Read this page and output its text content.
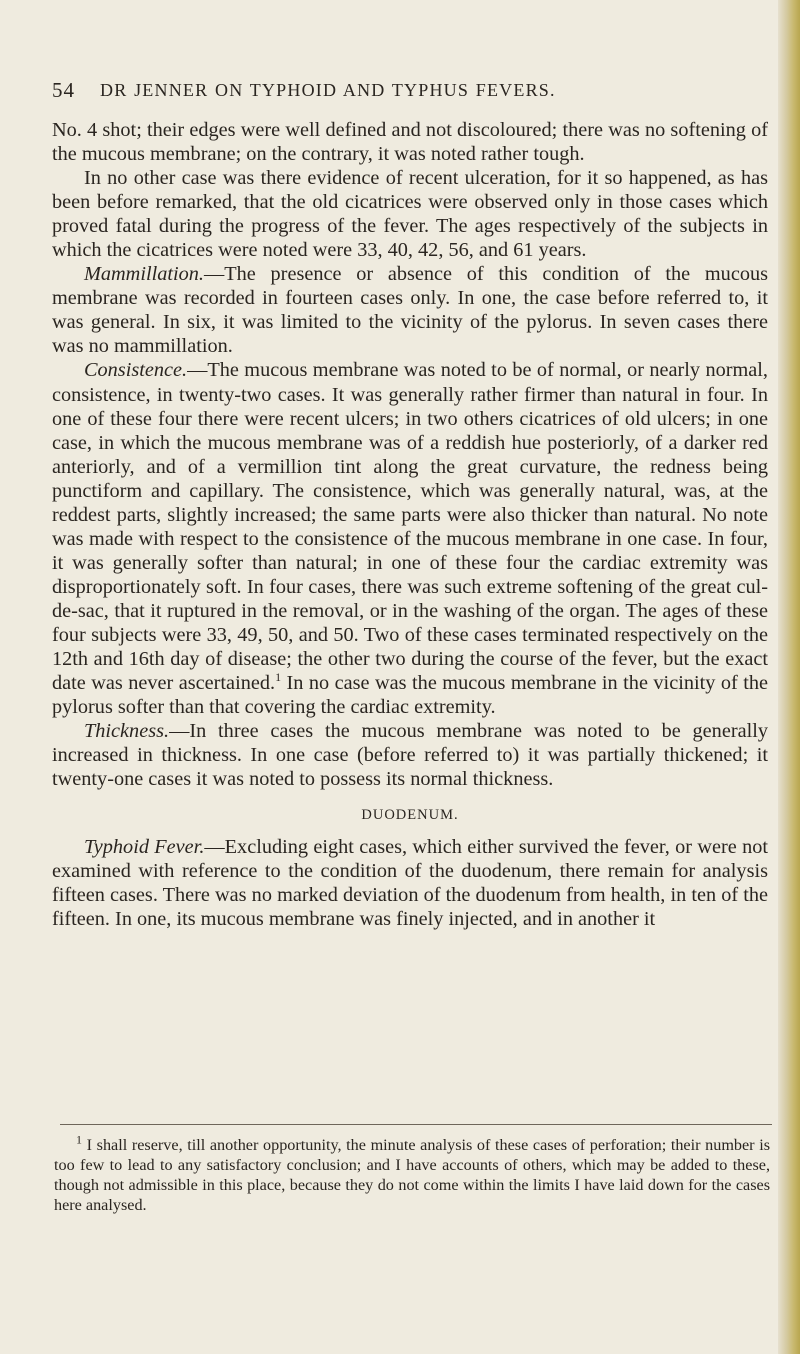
54 DR JENNER ON TYPHOID AND TYPHUS FEVERS.

No. 4 shot; their edges were well defined and not discoloured; there was no softening of the mucous membrane; on the contrary, it was noted rather tough.

In no other case was there evidence of recent ulceration, for it so happened, as has been before remarked, that the old cicatrices were observed only in those cases which proved fatal during the progress of the fever. The ages respectively of the subjects in which the cicatrices were noted were 33, 40, 42, 56, and 61 years.

Mammillation.—The presence or absence of this condition of the mucous membrane was recorded in fourteen cases only. In one, the case before referred to, it was general. In six, it was limited to the vicinity of the pylorus. In seven cases there was no mammillation.

Consistence.—The mucous membrane was noted to be of normal, or nearly normal, consistence, in twenty-two cases. It was generally rather firmer than natural in four. In one of these four there were recent ulcers; in two others cicatrices of old ulcers; in one case, in which the mucous membrane was of a reddish hue posteriorly, of a darker red anteriorly, and of a vermillion tint along the great curvature, the redness being punctiform and capillary. The consistence, which was generally natural, was, at the reddest parts, slightly increased; the same parts were also thicker than natural. No note was made with respect to the consistence of the mucous membrane in one case. In four, it was generally softer than natural; in one of these four the cardiac extremity was disproportionately soft. In four cases, there was such extreme softening of the great cul-de-sac, that it ruptured in the removal, or in the washing of the organ. The ages of these four subjects were 33, 49, 50, and 50. Two of these cases terminated respectively on the 12th and 16th day of disease; the other two during the course of the fever, but the exact date was never ascertained.$^1$ In no case was the mucous membrane in the vicinity of the pylorus softer than that covering the cardiac extremity.

Thickness.—In three cases the mucous membrane was noted to be generally increased in thickness. In one case (before referred to) it was partially thickened; it twenty-one cases it was noted to possess its normal thickness.

DUODENUM.

Typhoid Fever.—Excluding eight cases, which either survived the fever, or were not examined with reference to the condition of the duodenum, there remain for analysis fifteen cases. There was no marked deviation of the duodenum from health, in ten of the fifteen. In one, its mucous membrane was finely injected, and in another it

$^1$ I shall reserve, till another opportunity, the minute analysis of these cases of perforation; their number is too few to lead to any satisfactory conclusion; and I have accounts of others, which may be added to these, though not admissible in this place, because they do not come within the limits I have laid down for the cases here analysed.
